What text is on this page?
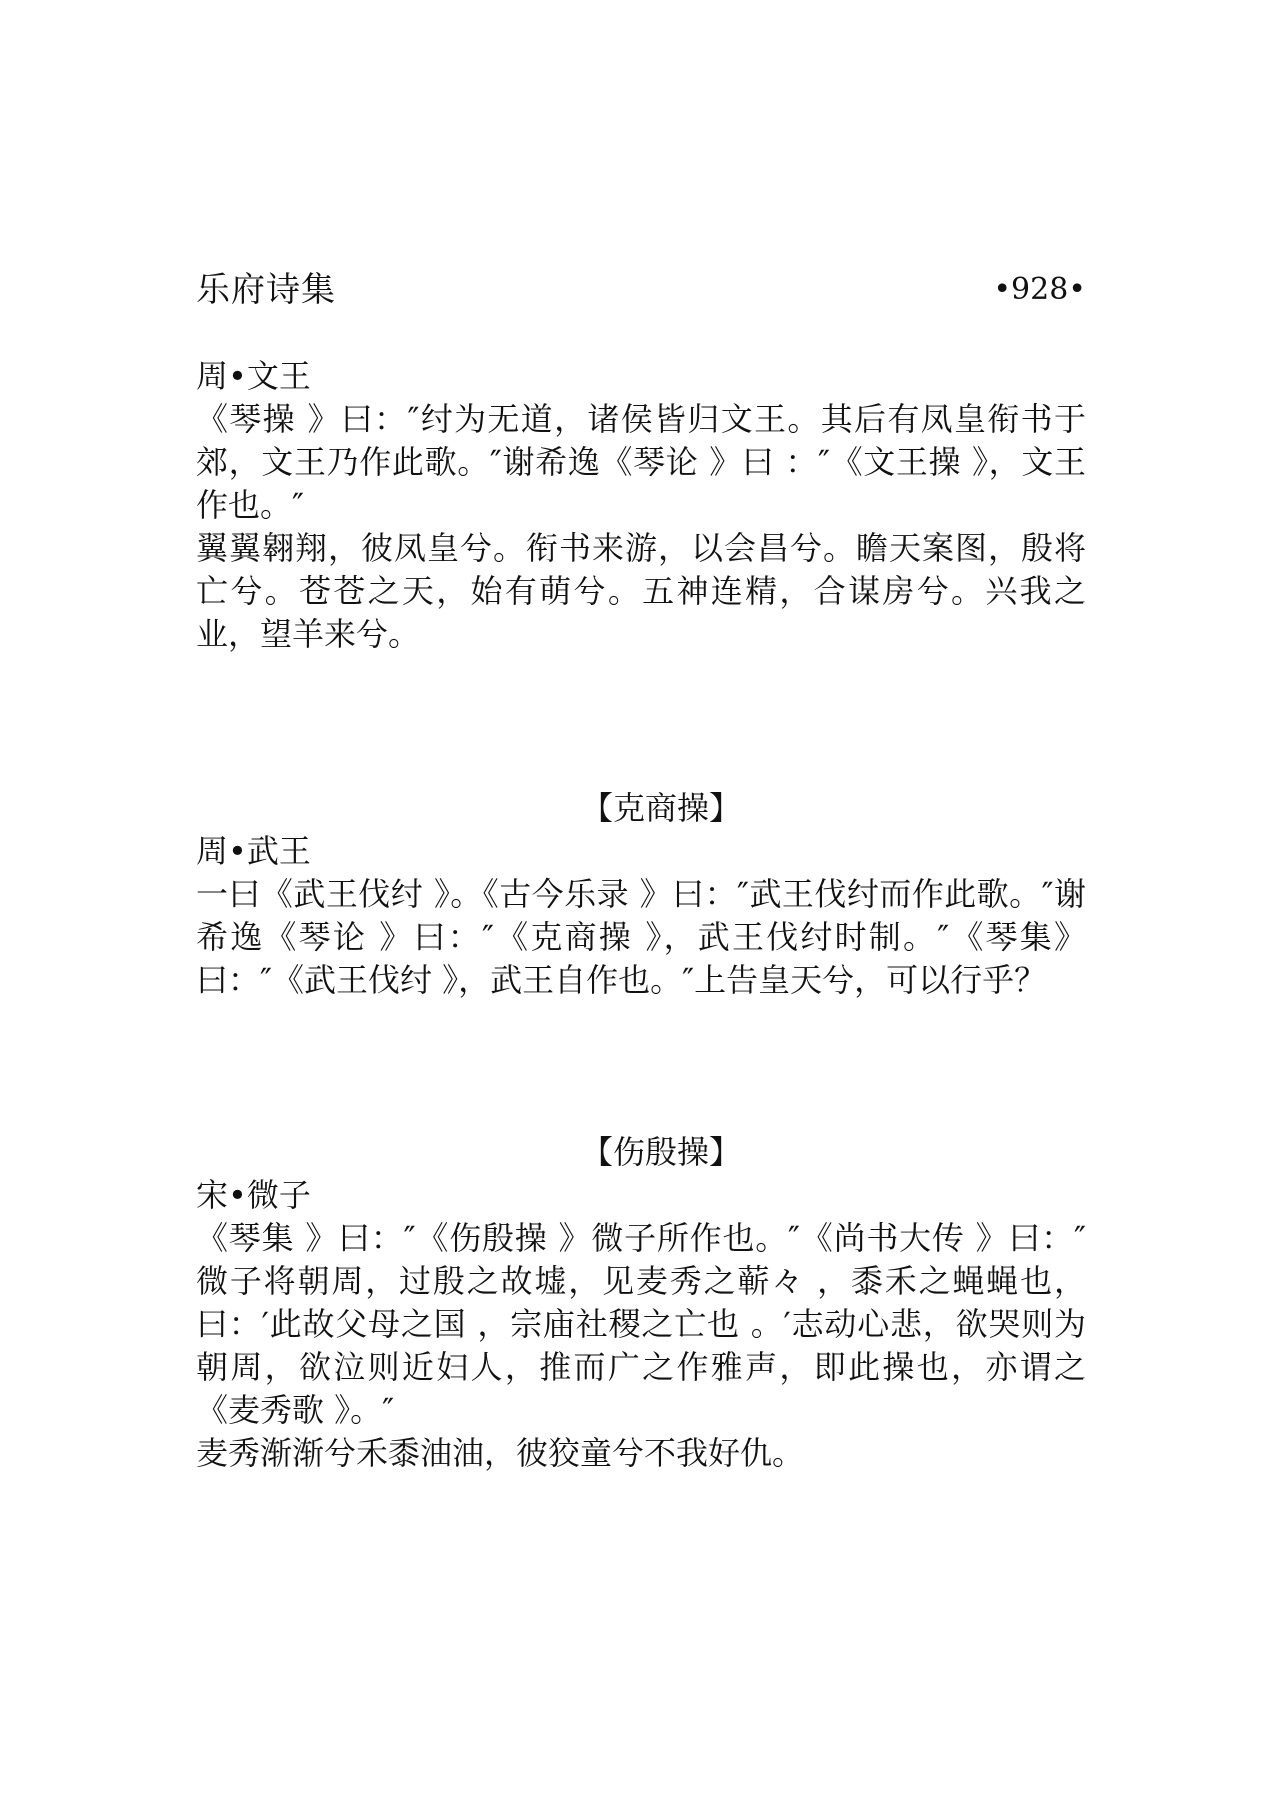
乐府诗集	•928•

周•文王

《琴操 》曰：″纣为无道，诸侯皆归文王。其后有凤皇衔书于郊，文王乃作此歌。″谢希逸《琴论 》曰 ：″《文王操 》，文王作也。″

翼翼翱翔，彼凤皇兮。衔书来游，以会昌兮。瞻天案图，殷将亡兮。苍苍之天，始有萌兮。五神连精，合谋房兮。兴我之业，望羊来兮。

【克商操】

周•武王

一曰《武王伐纣 》。《古今乐录 》曰：″武王伐纣而作此歌。″谢希逸《琴论 》曰：″《克商操 》，武王伐纣时制。″《琴集》曰：″《武王伐纣 》，武王自作也。″上告皇天兮，可以行乎？

【伤殷操】

宋•微子

《琴集 》曰：″《伤殷操 》微子所作也。″《尚书大传 》曰：″微子将朝周，过殷之故墟，见麦秀之蕲々 ，黍禾之蝇蝇也，曰：′此故父母之国 ，宗庙社稷之亡也 。′志动心悲，欲哭则为朝周，欲泣则近妇人，推而广之作雅声，即此操也，亦谓之《麦秀歌 》。″

麦秀渐渐兮禾黍油油，彼狡童兮不我好仇。
